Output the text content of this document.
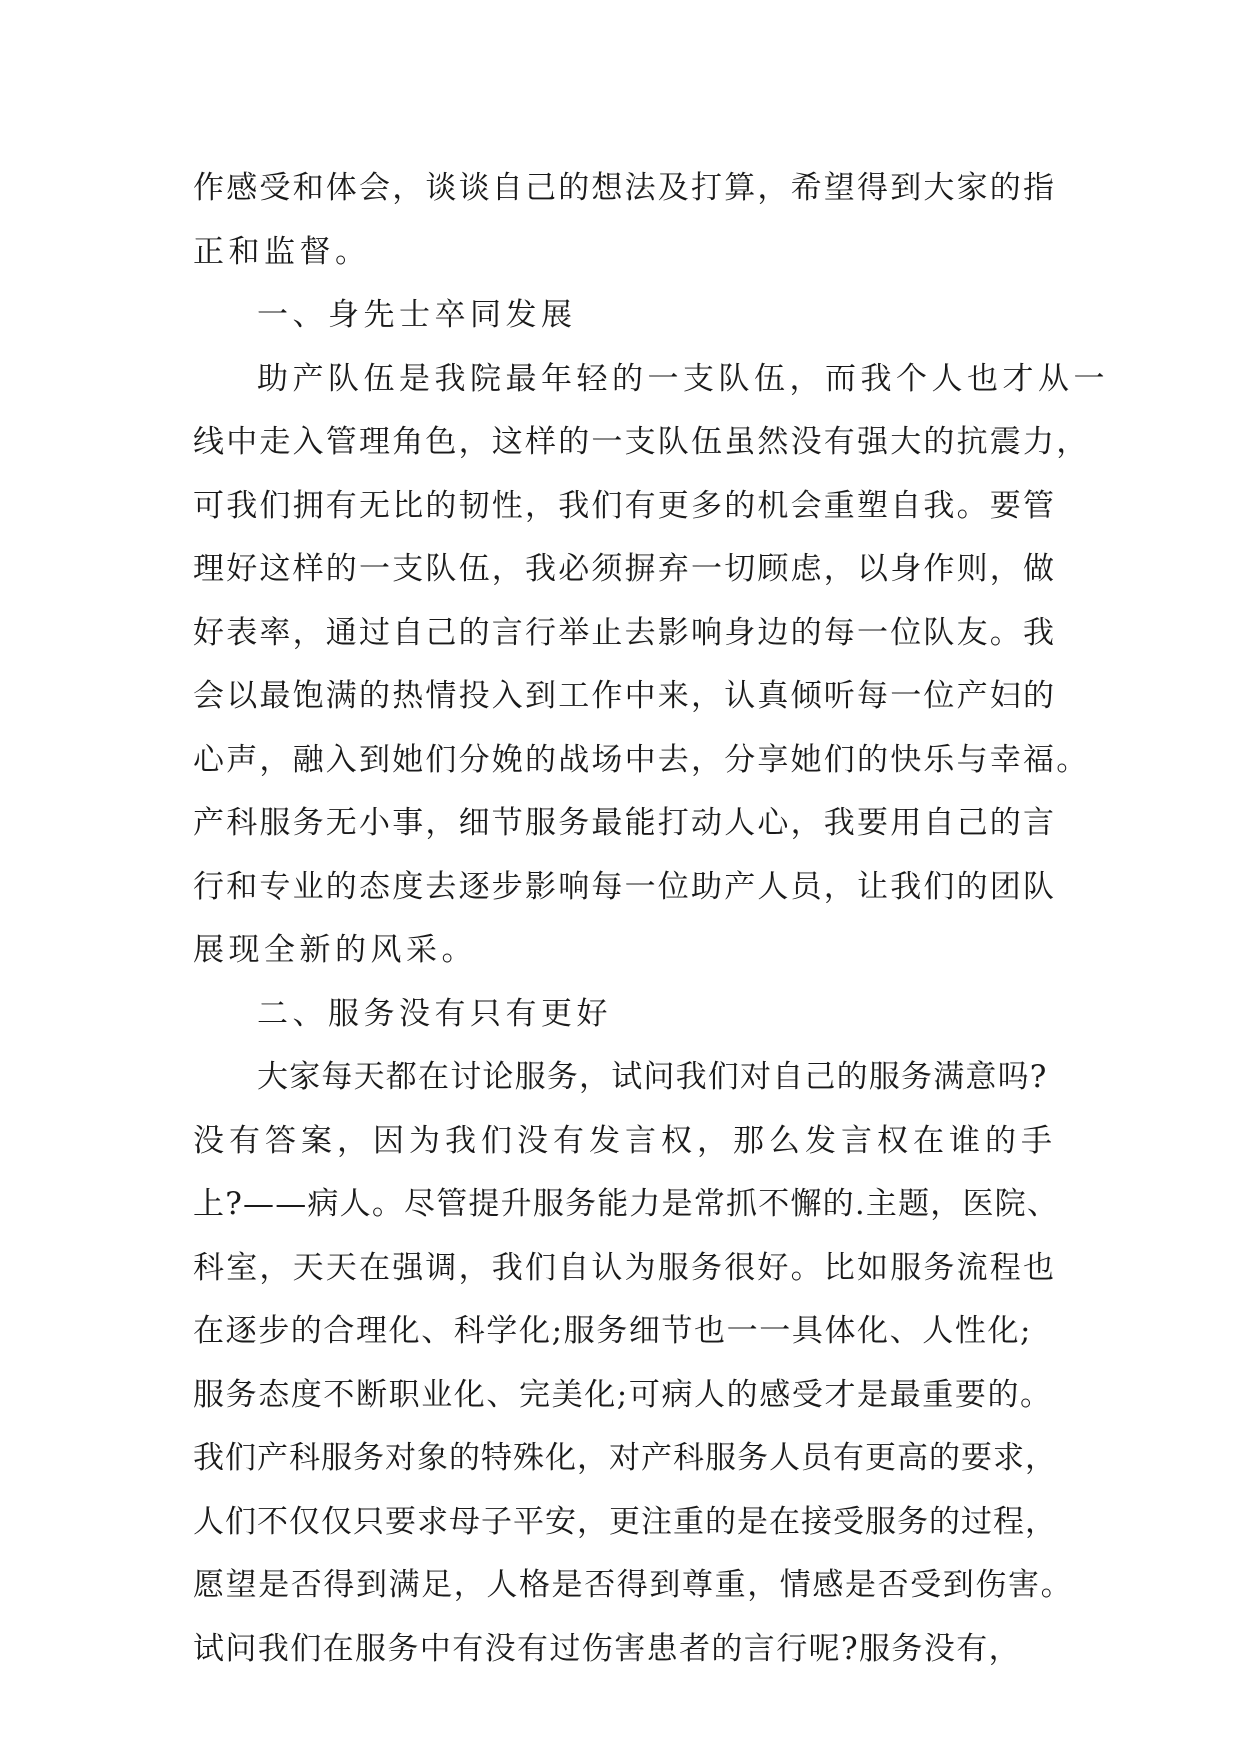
作感受和体会，谈谈自己的想法及打算，希望得到大家的指
正和监督。
一、身先士卒同发展
助产队伍是我院最年轻的一支队伍，而我个人也才从一
线中走入管理角色，这样的一支队伍虽然没有强大的抗震力，
可我们拥有无比的韧性，我们有更多的机会重塑自我。要管
理好这样的一支队伍，我必须摒弃一切顾虑，以身作则，做
好表率，通过自己的言行举止去影响身边的每一位队友。我
会以最饱满的热情投入到工作中来，认真倾听每一位产妇的
心声，融入到她们分娩的战场中去，分享她们的快乐与幸福。
产科服务无小事，细节服务最能打动人心，我要用自己的言
行和专业的态度去逐步影响每一位助产人员，让我们的团队
展现全新的风采。
二、服务没有只有更好
大家每天都在讨论服务，试问我们对自己的服务满意吗?
没有答案，因为我们没有发言权，那么发言权在谁的手
上?——病人。尽管提升服务能力是常抓不懈的.主题，医院、
科室，天天在强调，我们自认为服务很好。比如服务流程也
在逐步的合理化、科学化;服务细节也一一具体化、人性化;
服务态度不断职业化、完美化;可病人的感受才是最重要的。
我们产科服务对象的特殊化，对产科服务人员有更高的要求，
人们不仅仅只要求母子平安，更注重的是在接受服务的过程，
愿望是否得到满足，人格是否得到尊重，情感是否受到伤害。
试问我们在服务中有没有过伤害患者的言行呢?服务没有，
